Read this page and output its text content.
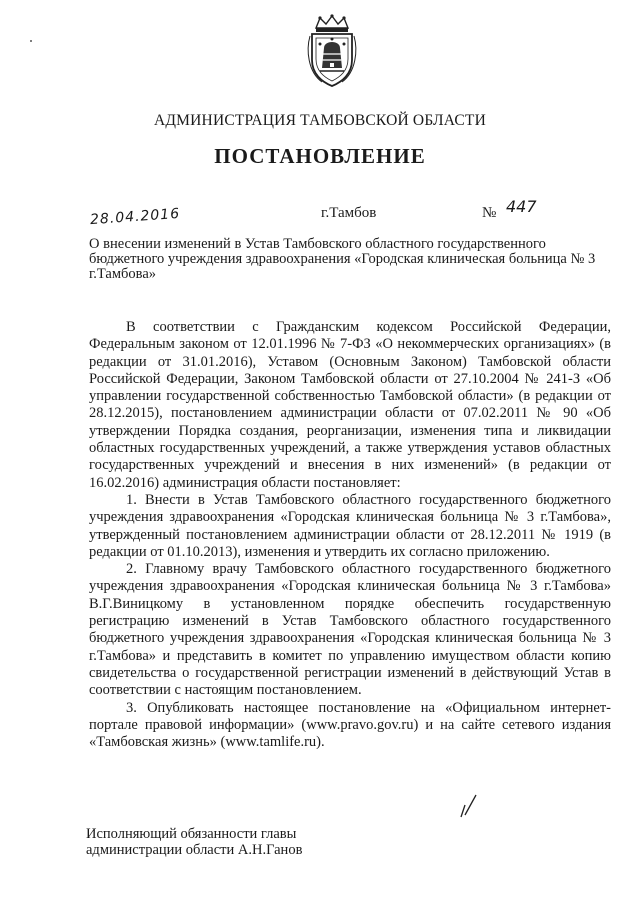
АДМИНИСТРАЦИЯ ТАМБОВСКОЙ ОБЛАСТИ
ПОСТАНОВЛЕНИЕ
28.04.2016	г.Тамбов	№ 447
О внесении изменений в Устав Тамбовского областного государственного бюджетного учреждения здравоохранения «Городская клиническая больница № 3 г.Тамбова»

В соответствии с Гражданским кодексом Российской Федерации, Федеральным законом от 12.01.1996 № 7-ФЗ «О некоммерческих организациях» (в редакции от 31.01.2016), Уставом (Основным Законом) Тамбовской области Российской Федерации, Законом Тамбовской области от 27.10.2004 № 241-З «Об управлении государственной собственностью Тамбовской области» (в редакции от 28.12.2015), постановлением администрации области от 07.02.2011 № 90 «Об утверждении Порядка создания, реорганизации, изменения типа и ликвидации областных государственных учреждений, а также утверждения уставов областных государственных учреждений и внесения в них изменений» (в редакции от 16.02.2016) администрация области постановляет:

1. Внести в Устав Тамбовского областного государственного бюджетного учреждения здравоохранения «Городская клиническая больница № 3 г.Тамбова», утвержденный постановлением администрации области от 28.12.2011 № 1919 (в редакции от 01.10.2013), изменения и утвердить их согласно приложению.

2. Главному врачу Тамбовского областного государственного бюджетного учреждения здравоохранения «Городская клиническая больница № 3 г.Тамбова» В.Г.Виницкому в установленном порядке обеспечить государственную регистрацию изменений в Устав Тамбовского областного государственного бюджетного учреждения здравоохранения «Городская клиническая больница № 3 г.Тамбова» и представить в комитет по управлению имуществом области копию свидетельства о государственной регистрации изменений в действующий Устав в соответствии с настоящим постановлением.

3. Опубликовать настоящее постановление на «Официальном интернет-портале правовой информации» (www.pravo.gov.ru) и на сайте сетевого издания «Тамбовская жизнь» (www.tamlife.ru).

Исполняющий обязанности главы
администрации области А.Н.Ганов
